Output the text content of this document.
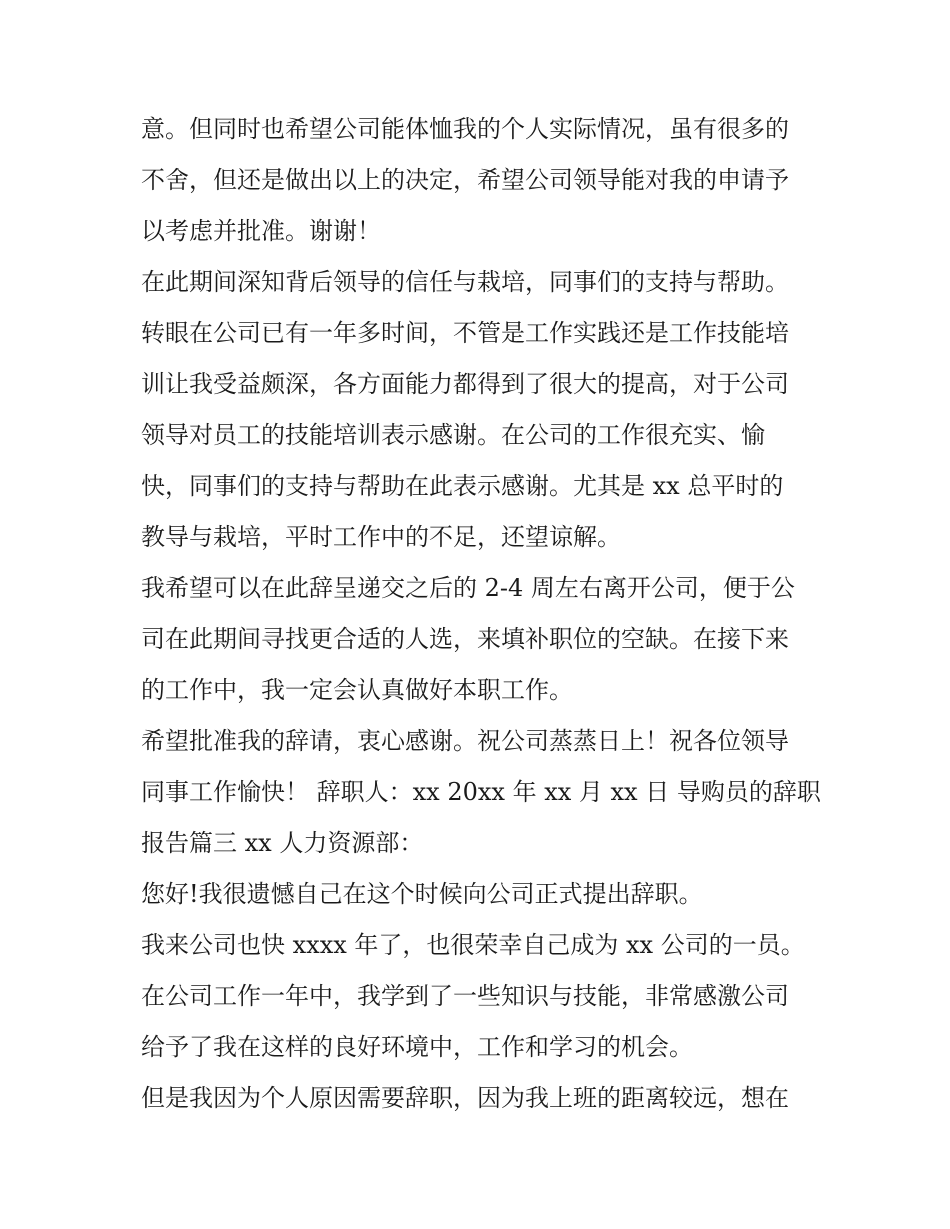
意。但同时也希望公司能体恤我的个人实际情况，虽有很多的
不舍，但还是做出以上的决定，希望公司领导能对我的申请予
以考虑并批准。谢谢！
在此期间深知背后领导的信任与栽培，同事们的支持与帮助。
转眼在公司已有一年多时间，不管是工作实践还是工作技能培
训让我受益颇深，各方面能力都得到了很大的提高，对于公司
领导对员工的技能培训表示感谢。在公司的工作很充实、愉
快，同事们的支持与帮助在此表示感谢。尤其是 xx 总平时的
教导与栽培，平时工作中的不足，还望谅解。
我希望可以在此辞呈递交之后的 2-4 周左右离开公司，便于公
司在此期间寻找更合适的人选，来填补职位的空缺。在接下来
的工作中，我一定会认真做好本职工作。
希望批准我的辞请，衷心感谢。祝公司蒸蒸日上！祝各位领导
同事工作愉快！ 辞职人：xx 20xx 年 xx 月 xx 日 导购员的辞职
报告篇三 xx 人力资源部：
您好!我很遗憾自己在这个时候向公司正式提出辞职。
我来公司也快 xxxx 年了，也很荣幸自己成为 xx 公司的一员。
在公司工作一年中，我学到了一些知识与技能，非常感激公司
给予了我在这样的良好环境中，工作和学习的机会。
但是我因为个人原因需要辞职，因为我上班的距离较远，想在
